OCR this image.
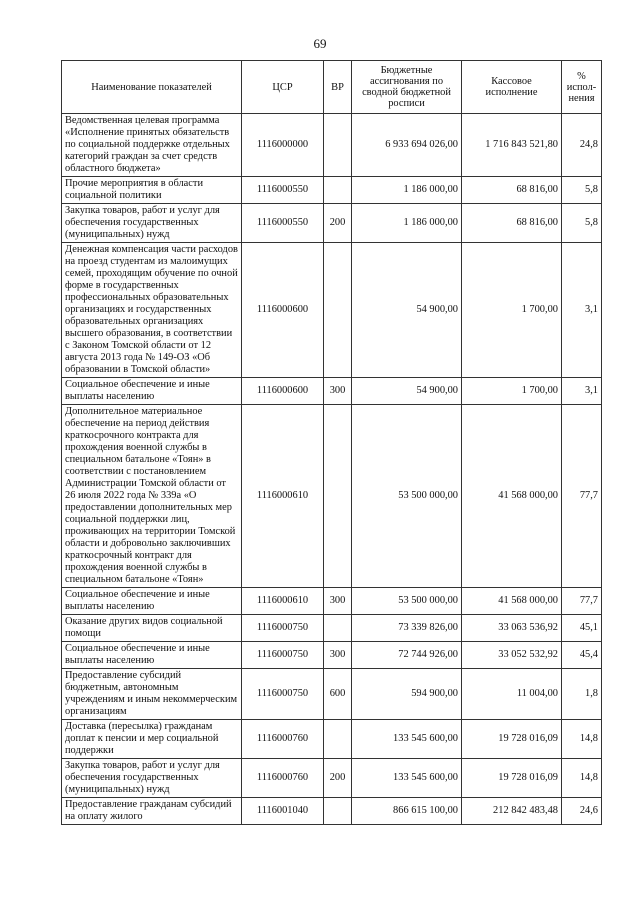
69
Наименование показателей	ЦСР	ВР	Бюджетные ассигнования по сводной бюджетной росписи	Кассовое исполнение	% испол-нения
Ведомственная целевая программа «Исполнение принятых обязательств по социальной поддержке отдельных категорий граждан за счет средств областного бюджета»	1116000000		6 933 694 026,00	1 716 843 521,80	24,8
Прочие мероприятия в области социальной политики	1116000550		1 186 000,00	68 816,00	5,8
Закупка товаров, работ и услуг для обеспечения государственных (муниципальных) нужд	1116000550	200	1 186 000,00	68 816,00	5,8
Денежная компенсация части расходов на проезд студентам из малоимущих семей, проходящим обучение по очной форме в государственных профессиональных образовательных организациях и государственных образовательных организациях высшего образования, в соответствии с Законом Томской области от 12 августа 2013 года № 149-ОЗ «Об образовании в Томской области»	1116000600		54 900,00	1 700,00	3,1
Социальное обеспечение и иные выплаты населению	1116000600	300	54 900,00	1 700,00	3,1
Дополнительное материальное обеспечение на период действия краткосрочного контракта для прохождения военной службы в специальном батальоне «Тоян» в соответствии с постановлением Администрации Томской области от 26 июля 2022 года № 339а «О предоставлении дополнительных мер социальной поддержки лиц, проживающих на территории Томской области и добровольно заключивших краткосрочный контракт для прохождения военной службы в специальном батальоне «Тоян»	1116000610		53 500 000,00	41 568 000,00	77,7
Социальное обеспечение и иные выплаты населению	1116000610	300	53 500 000,00	41 568 000,00	77,7
Оказание других видов социальной помощи	1116000750		73 339 826,00	33 063 536,92	45,1
Социальное обеспечение и иные выплаты населению	1116000750	300	72 744 926,00	33 052 532,92	45,4
Предоставление субсидий бюджетным, автономным учреждениям и иным некоммерческим организациям	1116000750	600	594 900,00	11 004,00	1,8
Доставка (пересылка) гражданам доплат к пенсии и мер социальной поддержки	1116000760		133 545 600,00	19 728 016,09	14,8
Закупка товаров, работ и услуг для обеспечения государственных (муниципальных) нужд	1116000760	200	133 545 600,00	19 728 016,09	14,8
Предоставление гражданам субсидий на оплату жилого	1116001040		866 615 100,00	212 842 483,48	24,6
